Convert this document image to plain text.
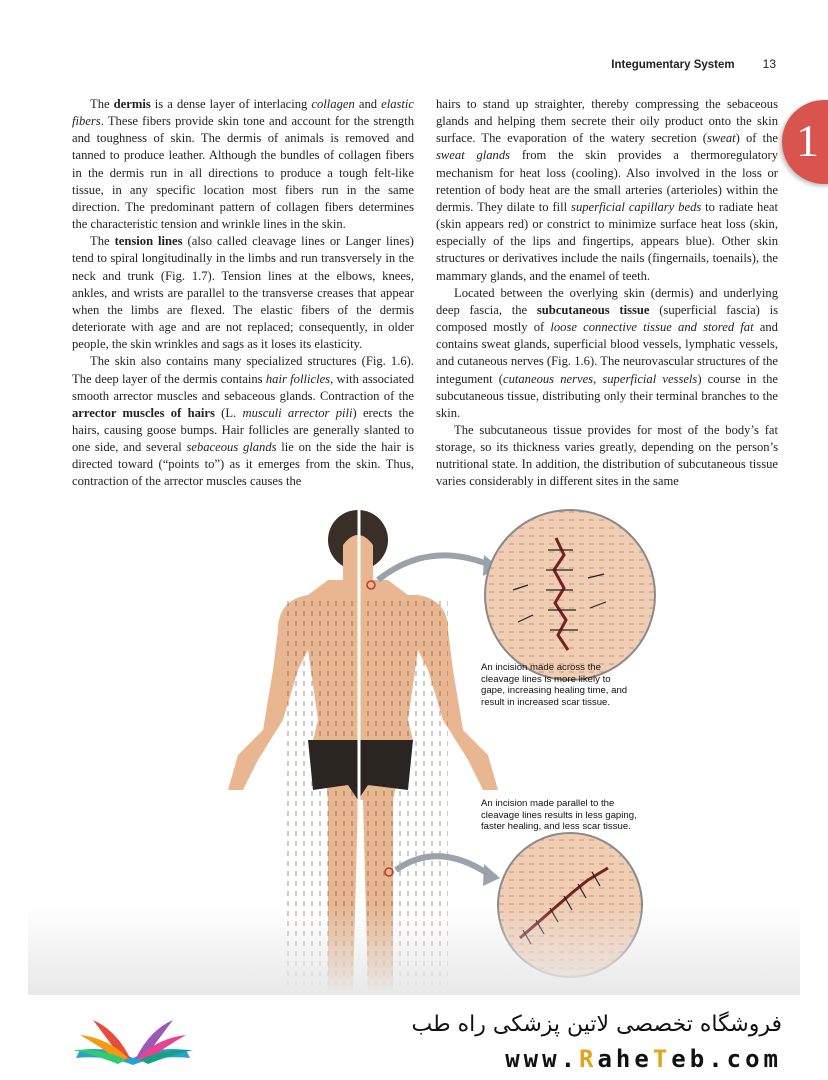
Integumentary System 13
1

The dermis is a dense layer of interlacing collagen and elastic fibers. These fibers provide skin tone and account for the strength and toughness of skin. The dermis of animals is removed and tanned to produce leather. Although the bundles of collagen fibers in the dermis run in all directions to produce a tough felt-like tissue, in any specific location most fibers run in the same direction. The predominant pattern of collagen fibers determines the characteristic tension and wrinkle lines in the skin.

The tension lines (also called cleavage lines or Langer lines) tend to spiral longitudinally in the limbs and run transversely in the neck and trunk (Fig. 1.7). Tension lines at the elbows, knees, ankles, and wrists are parallel to the transverse creases that appear when the limbs are flexed. The elastic fibers of the dermis deteriorate with age and are not replaced; consequently, in older people, the skin wrinkles and sags as it loses its elasticity.

The skin also contains many specialized structures (Fig. 1.6). The deep layer of the dermis contains hair follicles, with associated smooth arrector muscles and sebaceous glands. Contraction of the arrector muscles of hairs (L. musculi arrector pili) erects the hairs, causing goose bumps. Hair follicles are generally slanted to one side, and several sebaceous glands lie on the side the hair is directed toward (“points to”) as it emerges from the skin. Thus, contraction of the arrector muscles causes the

hairs to stand up straighter, thereby compressing the sebaceous glands and helping them secrete their oily product onto the skin surface. The evaporation of the watery secretion (sweat) of the sweat glands from the skin provides a thermoregulatory mechanism for heat loss (cooling). Also involved in the loss or retention of body heat are the small arteries (arterioles) within the dermis. They dilate to fill superficial capillary beds to radiate heat (skin appears red) or constrict to minimize surface heat loss (skin, especially of the lips and fingertips, appears blue). Other skin structures or derivatives include the nails (fingernails, toenails), the mammary glands, and the enamel of teeth.

Located between the overlying skin (dermis) and underlying deep fascia, the subcutaneous tissue (superficial fascia) is composed mostly of loose connective tissue and stored fat and contains sweat glands, superficial blood vessels, lymphatic vessels, and cutaneous nerves (Fig. 1.6). The neurovascular structures of the integument (cutaneous nerves, superficial vessels) course in the subcutaneous tissue, distributing only their terminal branches to the skin.

The subcutaneous tissue provides for most of the body’s fat storage, so its thickness varies greatly, depending on the person’s nutritional state. In addition, the distribution of subcutaneous tissue varies considerably in different sites in the same

An incision made across the cleavage lines is more likely to gape, increasing healing time, and result in increased scar tissue.
An incision made parallel to the cleavage lines results in less gaping, faster healing, and less scar tissue.
فروشگاه تخصصی لاتین پزشکی راه طب
www.RaheTeb.com
